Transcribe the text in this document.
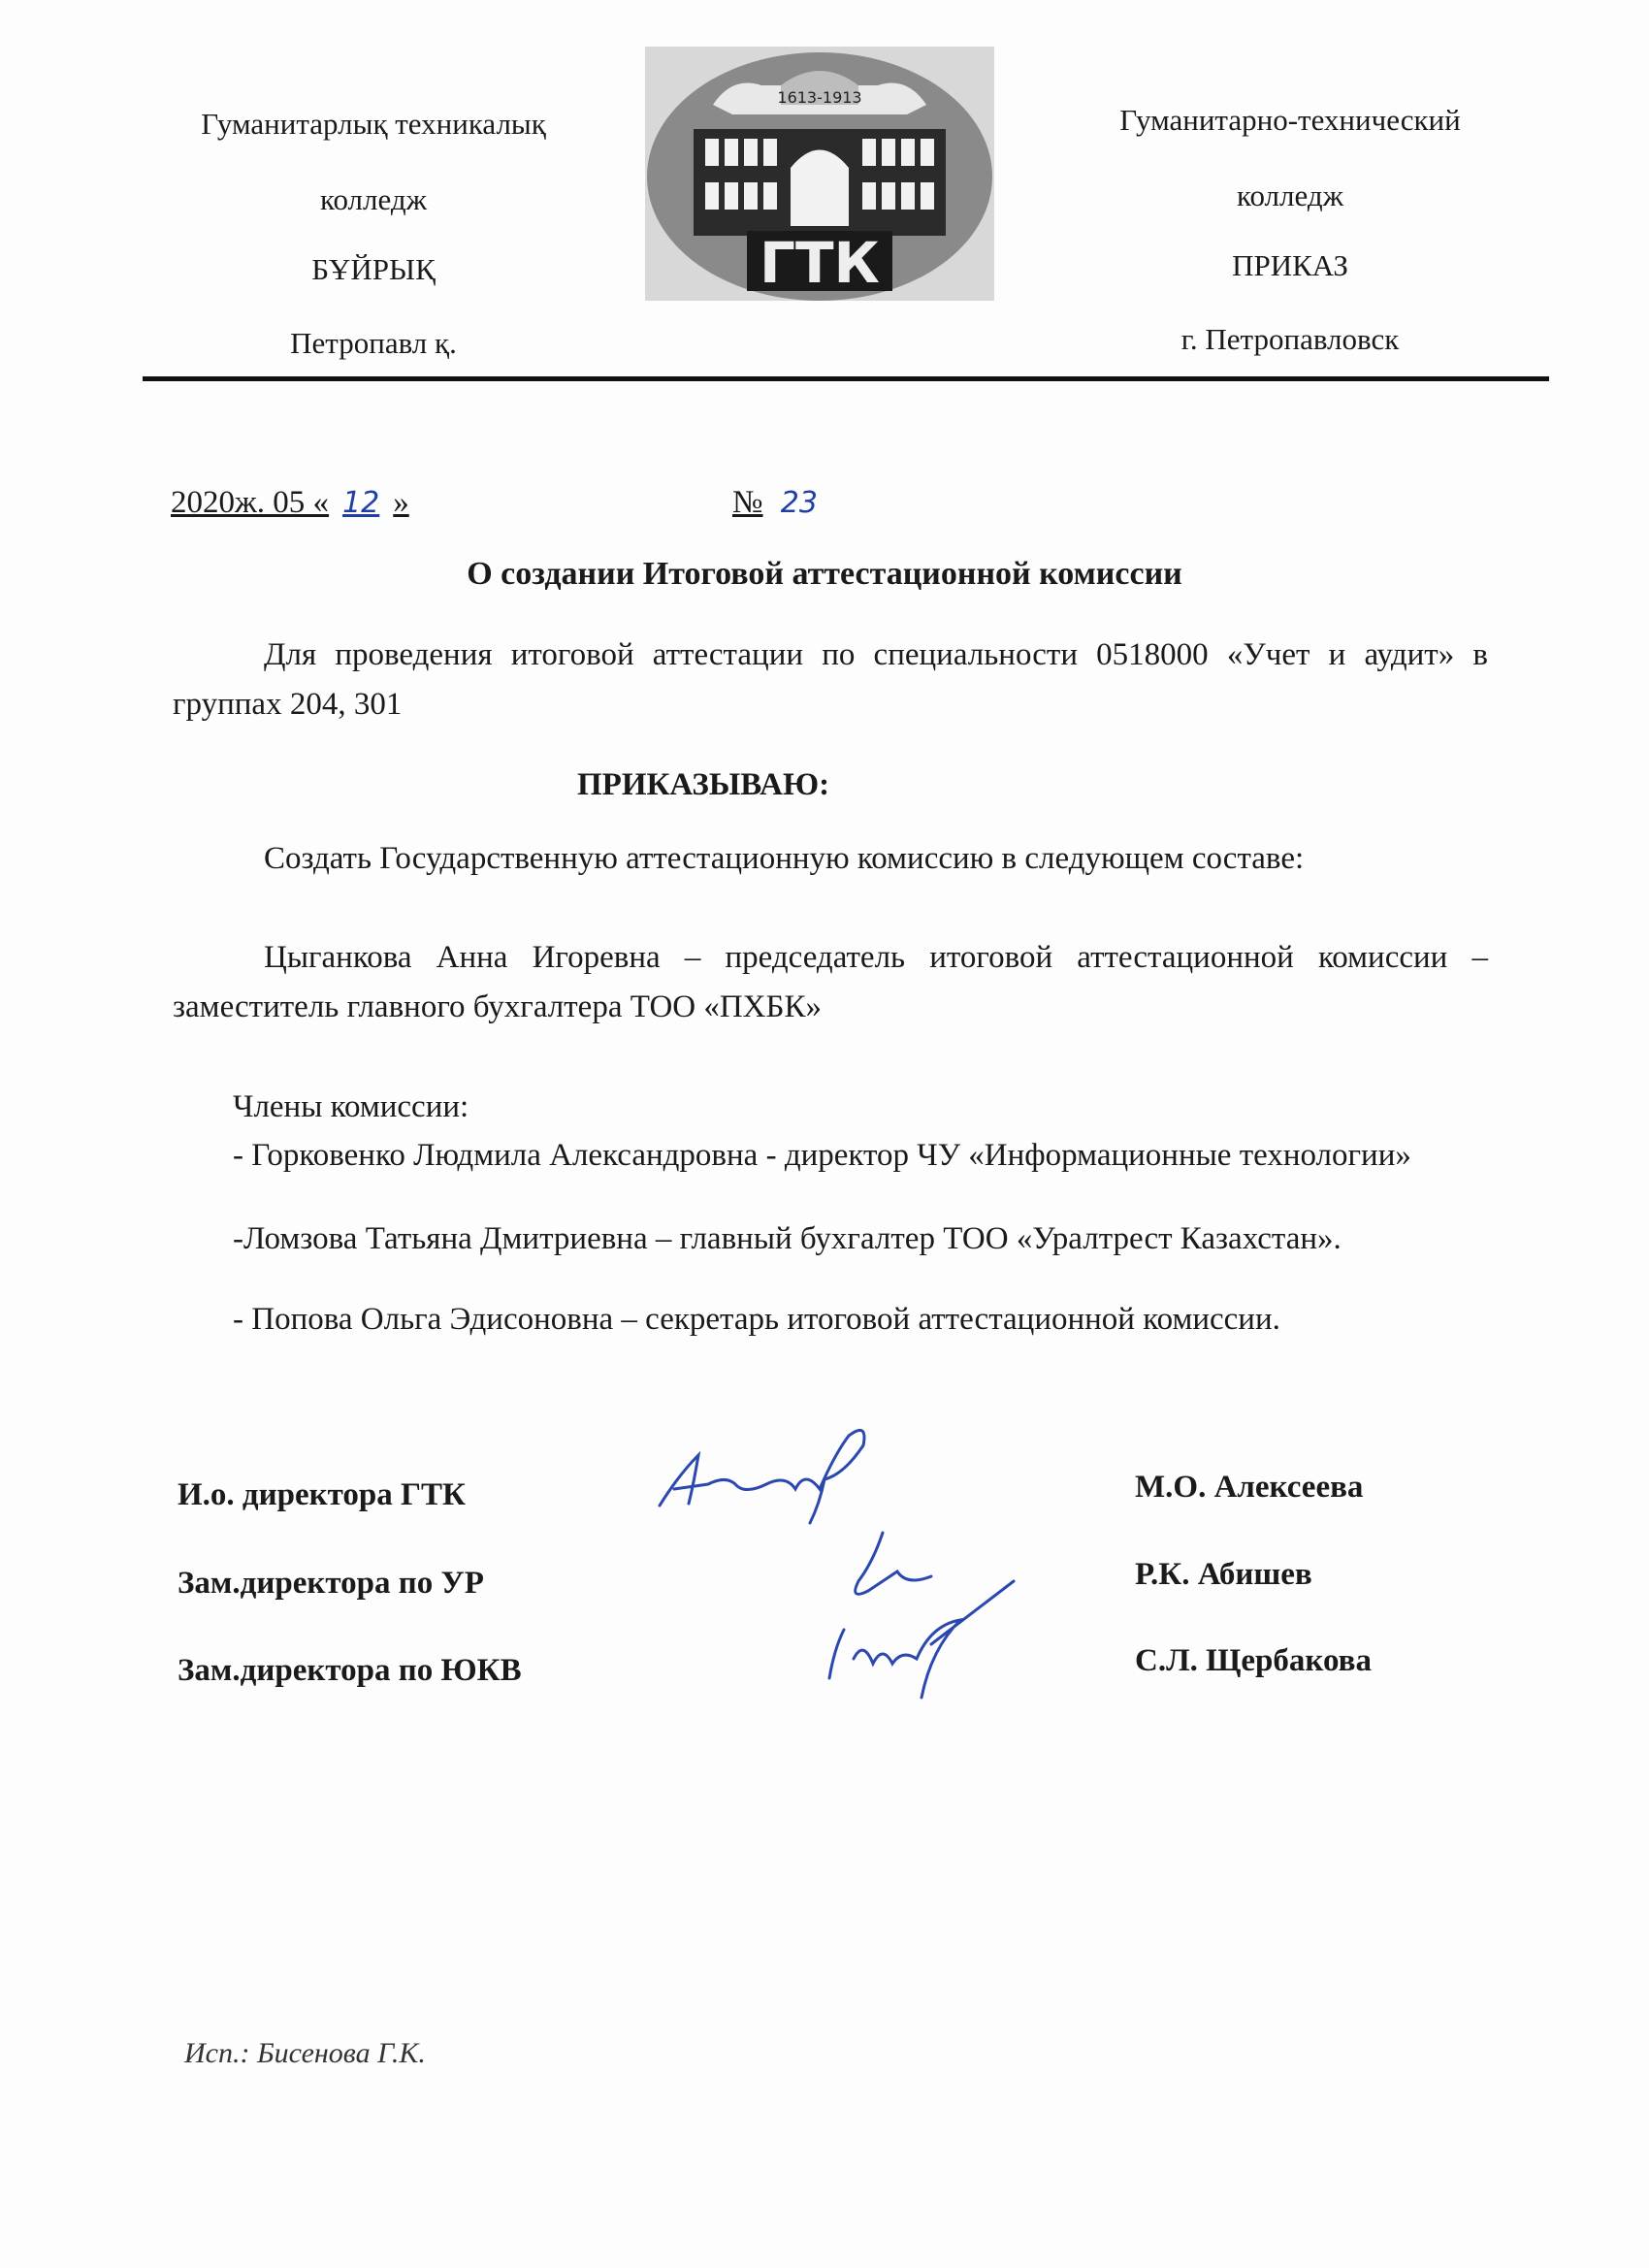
Гуманитарлық техникалық
колледж
БҰЙРЫҚ
Петропавл қ.
1613-1913
ГТК
Гуманитарно-технический
колледж
ПРИКАЗ
г. Петропавловск
2020ж. 05 « 12 »	№ 23
О создании Итоговой аттестационной комиссии
Для проведения итоговой аттестации по специальности 0518000 «Учет и аудит» в группах 204, 301
ПРИКАЗЫВАЮ:
Создать Государственную аттестационную комиссию в следующем составе:
Цыганкова Анна Игоревна – председатель итоговой аттестационной комиссии – заместитель главного бухгалтера ТОО «ПХБК»
Члены комиссии:
- Горковенко Людмила Александровна - директор ЧУ «Информационные технологии»
-Ломзова Татьяна Дмитриевна – главный бухгалтер ТОО «Уралтрест Казахстан».
- Попова Ольга Эдисоновна – секретарь итоговой аттестационной комиссии.
И.о. директора ГТК	М.О. Алексеева
Зам.директора по УР	Р.К. Абишев
Зам.директора по ЮКВ	С.Л. Щербакова
Исп.: Бисенова Г.К.
